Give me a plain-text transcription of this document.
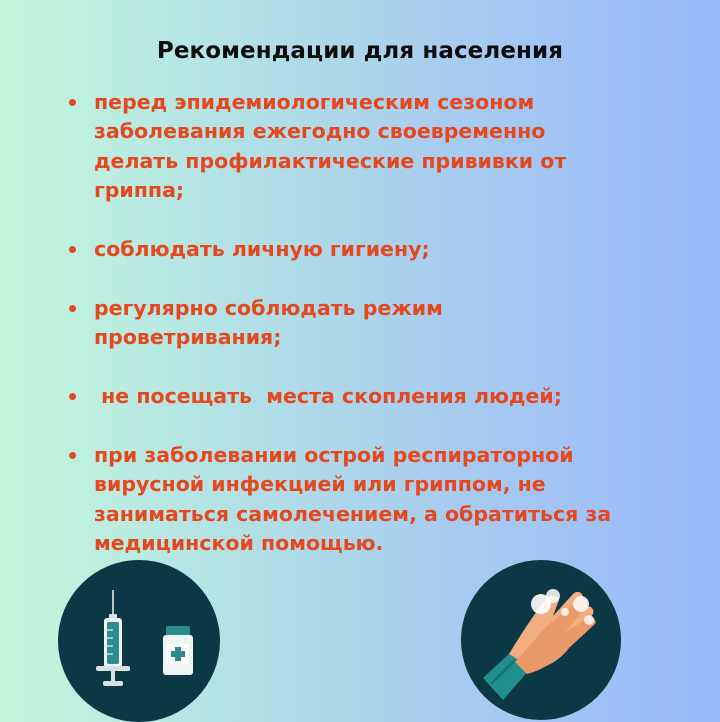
Рекомендации для населения
перед эпидемиологическим сезоном
заболевания ежегодно своевременно
делать профилактические прививки от
гриппа;
соблюдать личную гигиену;
регулярно соблюдать режим
проветривания;
не посещать  места скопления людей;
при заболевании острой респираторной
вирусной инфекцией или гриппом, не
заниматься самолечением, а обратиться за
медицинской помощью.
